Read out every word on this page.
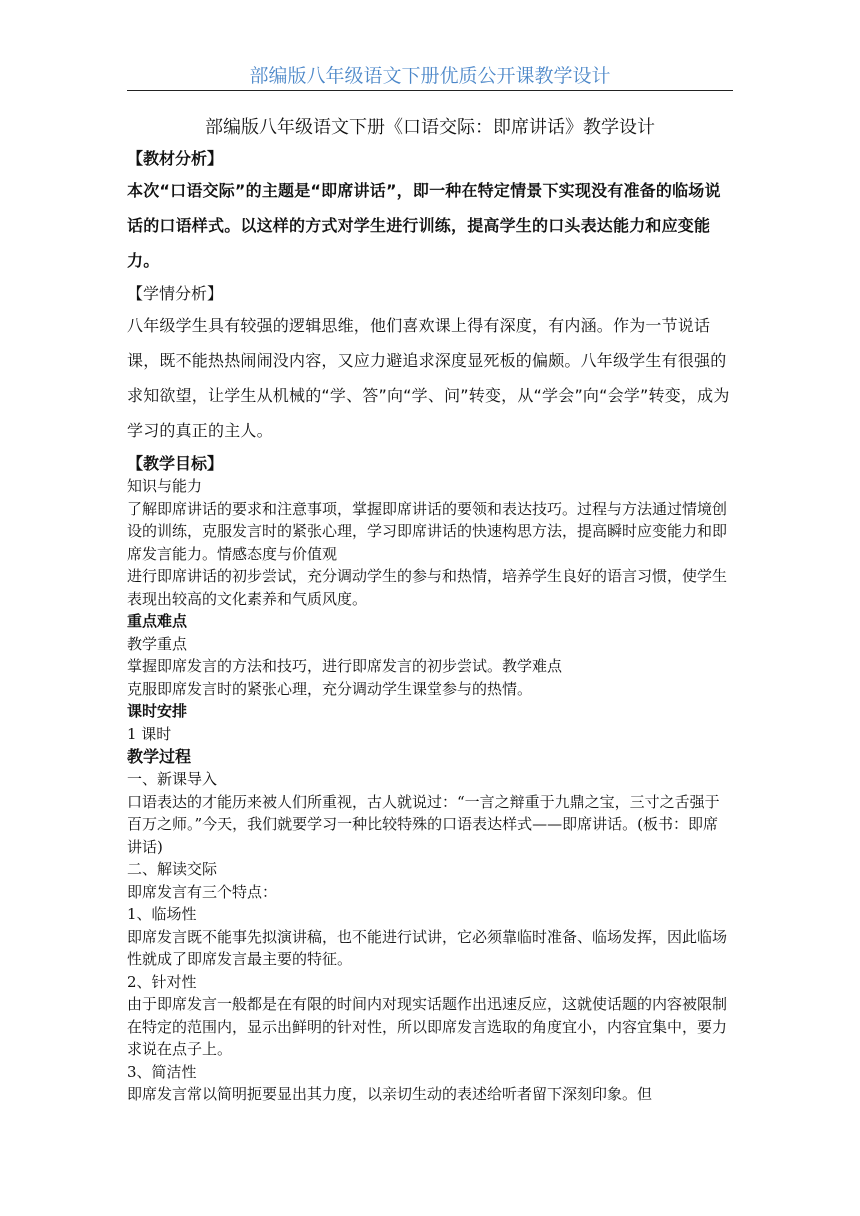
部编版八年级语文下册优质公开课教学设计

部编版八年级语文下册《口语交际：即席讲话》教学设计

【教材分析】

本次“口语交际”的主题是“即席讲话”，即一种在特定情景下实现没有准备的临场说话的口语样式。以这样的方式对学生进行训练，提高学生的口头表达能力和应变能力。

【学情分析】

八年级学生具有较强的逻辑思维，他们喜欢课上得有深度，有内涵。作为一节说话课，既不能热热闹闹没内容，又应力避追求深度显死板的偏颇。八年级学生有很强的求知欲望，让学生从机械的“学、答”向“学、问”转变，从“学会”向“会学”转变，成为学习的真正的主人。

【教学目标】

知识与能力

了解即席讲话的要求和注意事项，掌握即席讲话的要领和表达技巧。过程与方法通过情境创设的训练，克服发言时的紧张心理，学习即席讲话的快速构思方法，提高瞬时应变能力和即席发言能力。情感态度与价值观

进行即席讲话的初步尝试，充分调动学生的参与和热情，培养学生良好的语言习惯，使学生表现出较高的文化素养和气质风度。

重点难点

教学重点

掌握即席发言的方法和技巧，进行即席发言的初步尝试。教学难点

克服即席发言时的紧张心理，充分调动学生课堂参与的热情。

课时安排

1 课时

教学过程

一、新课导入

口语表达的才能历来被人们所重视，古人就说过：“一言之辩重于九鼎之宝，三寸之舌强于百万之师。”今天，我们就要学习一种比较特殊的口语表达样式——即席讲话。(板书：即席讲话)

二、解读交际

即席发言有三个特点：

1、临场性

即席发言既不能事先拟演讲稿，也不能进行试讲，它必须靠临时准备、临场发挥，因此临场性就成了即席发言最主要的特征。

2、针对性

由于即席发言一般都是在有限的时间内对现实话题作出迅速反应，这就使话题的内容被限制在特定的范围内，显示出鲜明的针对性，所以即席发言选取的角度宜小，内容宜集中，要力求说在点子上。

3、简洁性

即席发言常以简明扼要显出其力度，以亲切生动的表述给听者留下深刻印象。但
